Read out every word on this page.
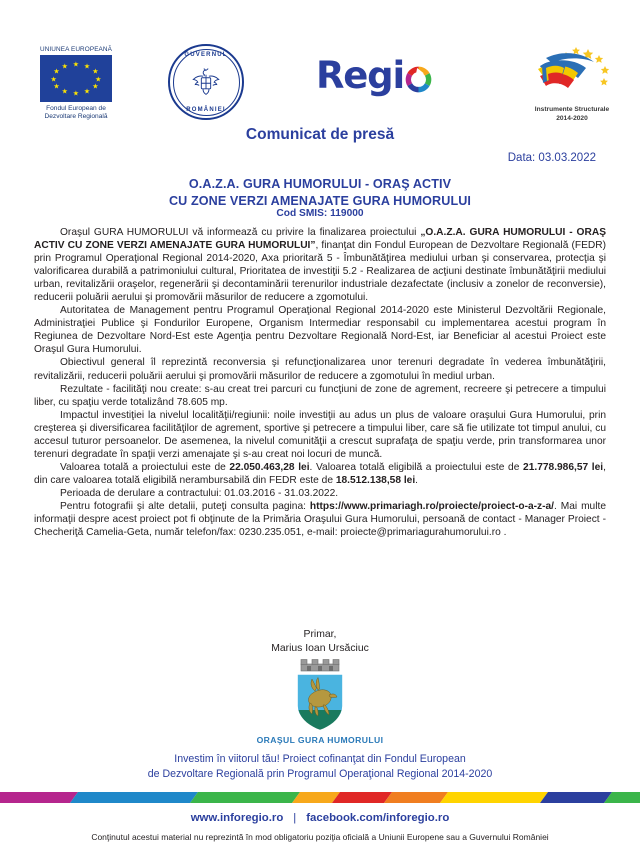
UNIUNEA EUROPEANĂ
★ ★
★
★
★
★
★
★
★
★
★
★
Fondul European de
Dezvoltare Regională
GUVERNUL
ROMÂNIEI
Regi
Instrumente Structurale
2014-2020
Comunicat de presă
Data: 03.03.2022
O.A.Z.A. GURA HUMORULUI - ORAŞ ACTIV
CU ZONE VERZI AMENAJATE GURA HUMORULUI
Cod SMIS: 119000

Oraşul GURA HUMORULUI vă informează cu privire la finalizarea proiectului „O.A.Z.A. GURA HUMORULUI - ORAŞ ACTIV CU ZONE VERZI AMENAJATE GURA HUMORULUI”, finanţat din Fondul European de Dezvoltare Regională (FEDR) prin Programul Operaţional Regional 2014-2020, Axa prioritară 5 - Îmbunătăţirea mediului urban şi conservarea, protecţia şi valorificarea durabilă a patrimoniului cultural, Prioritatea de investiţii 5.2 - Realizarea de acţiuni destinate îmbunătăţirii mediului urban, revitalizării oraşelor, regenerării şi decontaminării terenurilor industriale dezafectate (inclusiv a zonelor de reconversie), reducerii poluării aerului şi promovării măsurilor de reducere a zgomotului.

Autoritatea de Management pentru Programul Operaţional Regional 2014-2020 este Ministerul Dezvoltării Regionale, Administraţiei Publice şi Fondurilor Europene, Organism Intermediar responsabil cu implementarea acestui program în Regiunea de Dezvoltare Nord-Est este Agenţia pentru Dezvoltare Regională Nord-Est, iar Beneficiar al acestui Proiect este Oraşul Gura Humorului.

Obiectivul general îl reprezintă reconversia şi refuncţionalizarea unor terenuri degradate în vederea îmbunătăţirii, revitalizării, reducerii poluării aerului şi promovării măsurilor de reducere a zgomotului în mediul urban.

Rezultate - facilităţi nou create: s-au creat trei parcuri cu funcţiuni de zone de agrement, recreere şi petrecere a timpului liber, cu spaţiu verde totalizând 78.605 mp.

Impactul investiţiei la nivelul localităţii/regiunii: noile investiţii au adus un plus de valoare oraşului Gura Humorului, prin creşterea şi diversificarea facilităţilor de agrement, sportive şi petrecere a timpului liber, care să fie utilizate tot timpul anului, cu accesul tuturor persoanelor. De asemenea, la nivelul comunităţii a crescut suprafaţa de spaţiu verde, prin transformarea unor terenuri degradate în spaţii verzi amenajate şi s-au creat noi locuri de muncă.

Valoarea totală a proiectului este de 22.050.463,28 lei. Valoarea totală eligibilă a proiectului este de 21.778.986,57 lei, din care valoarea totală eligibilă nerambursabilă din FEDR este de 18.512.138,58 lei.

Perioada de derulare a contractului: 01.03.2016 - 31.03.2022.

Pentru fotografii şi alte detalii, puteţi consulta pagina: https://www.primariagh.ro/proiecte/proiect-o-a-z-a/. Mai multe informaţii despre acest proiect pot fi obţinute de la Primăria Oraşului Gura Humorului, persoană de contact - Manager Proiect - Checheriţă Camelia-Geta, număr telefon/fax: 0230.235.051, e-mail: proiecte@primariagurahumorului.ro .

Primar,
Marius Ioan Ursăciuc
ORAŞUL GURA HUMORULUI
Investim în viitorul tău! Proiect cofinanţat din Fondul European
de Dezvoltare Regională prin Programul Operaţional Regional 2014-2020
www.inforegio.ro | facebook.com/inforegio.ro
Conţinutul acestui material nu reprezintă în mod obligatoriu poziţia oficială a Uniunii Europene sau a Guvernului României
